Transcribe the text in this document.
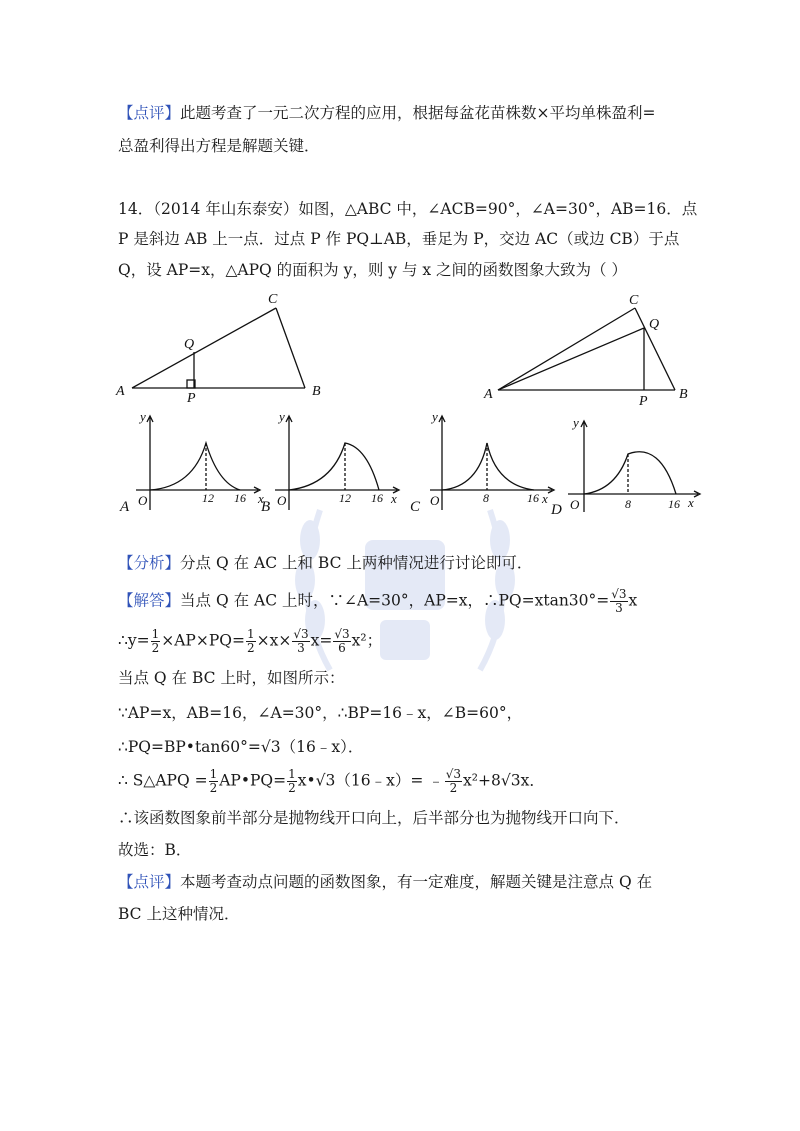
【点评】此题考查了一元二次方程的应用，根据每盆花苗株数×平均单株盈利=
总盈利得出方程是解题关键．
14．（2014 年山东泰安）如图，△ABC 中，∠ACB=90°，∠A=30°，AB=16．点
P 是斜边 AB 上一点．过点 P 作 PQ⊥AB，垂足为 P，交边 AC（或边 CB）于点
Q，设 AP=x，△APQ 的面积为 y，则 y 与 x 之间的函数图象大致为（ ）
A	B
C
P
Q
A	B
C
P
Q
O	12 16 x
y
A	O	12 16 x
y
B	O	8	16 x
y
C	O	8	16 x
y
D
【分析】分点 Q 在 AC 上和 BC 上两种情况进行讨论即可．
【解答】当点 Q 在 AC 上时，∵∠A=30°，AP=x，∴PQ=xtan30°= $\frac{√3}{3}$ x
∴y= $\frac{1}{2} \times AP\times PQ= \frac{1}{2} \times x\times \frac{√3}{3} x= \frac{√3}{6} x^2$；
当点 Q 在 BC 上时，如图所示：
∵AP=x，AB=16，∠A=30°，∴BP=16﹣x，∠B=60°，
∴PQ=BP•tan60°=√3（16﹣x）．
∴ S△APQ = $\frac{1}{2}$ AP•PQ= $\frac{1}{2}$ x•√3（16﹣x）= ﹣ $\frac{√3}{2} x^2+8√3x$．
∴该函数图象前半部分是抛物线开口向上，后半部分也为抛物线开口向下．
故选：B．
【点评】本题考查动点问题的函数图象，有一定难度，解题关键是注意点 Q 在
BC 上这种情况．
